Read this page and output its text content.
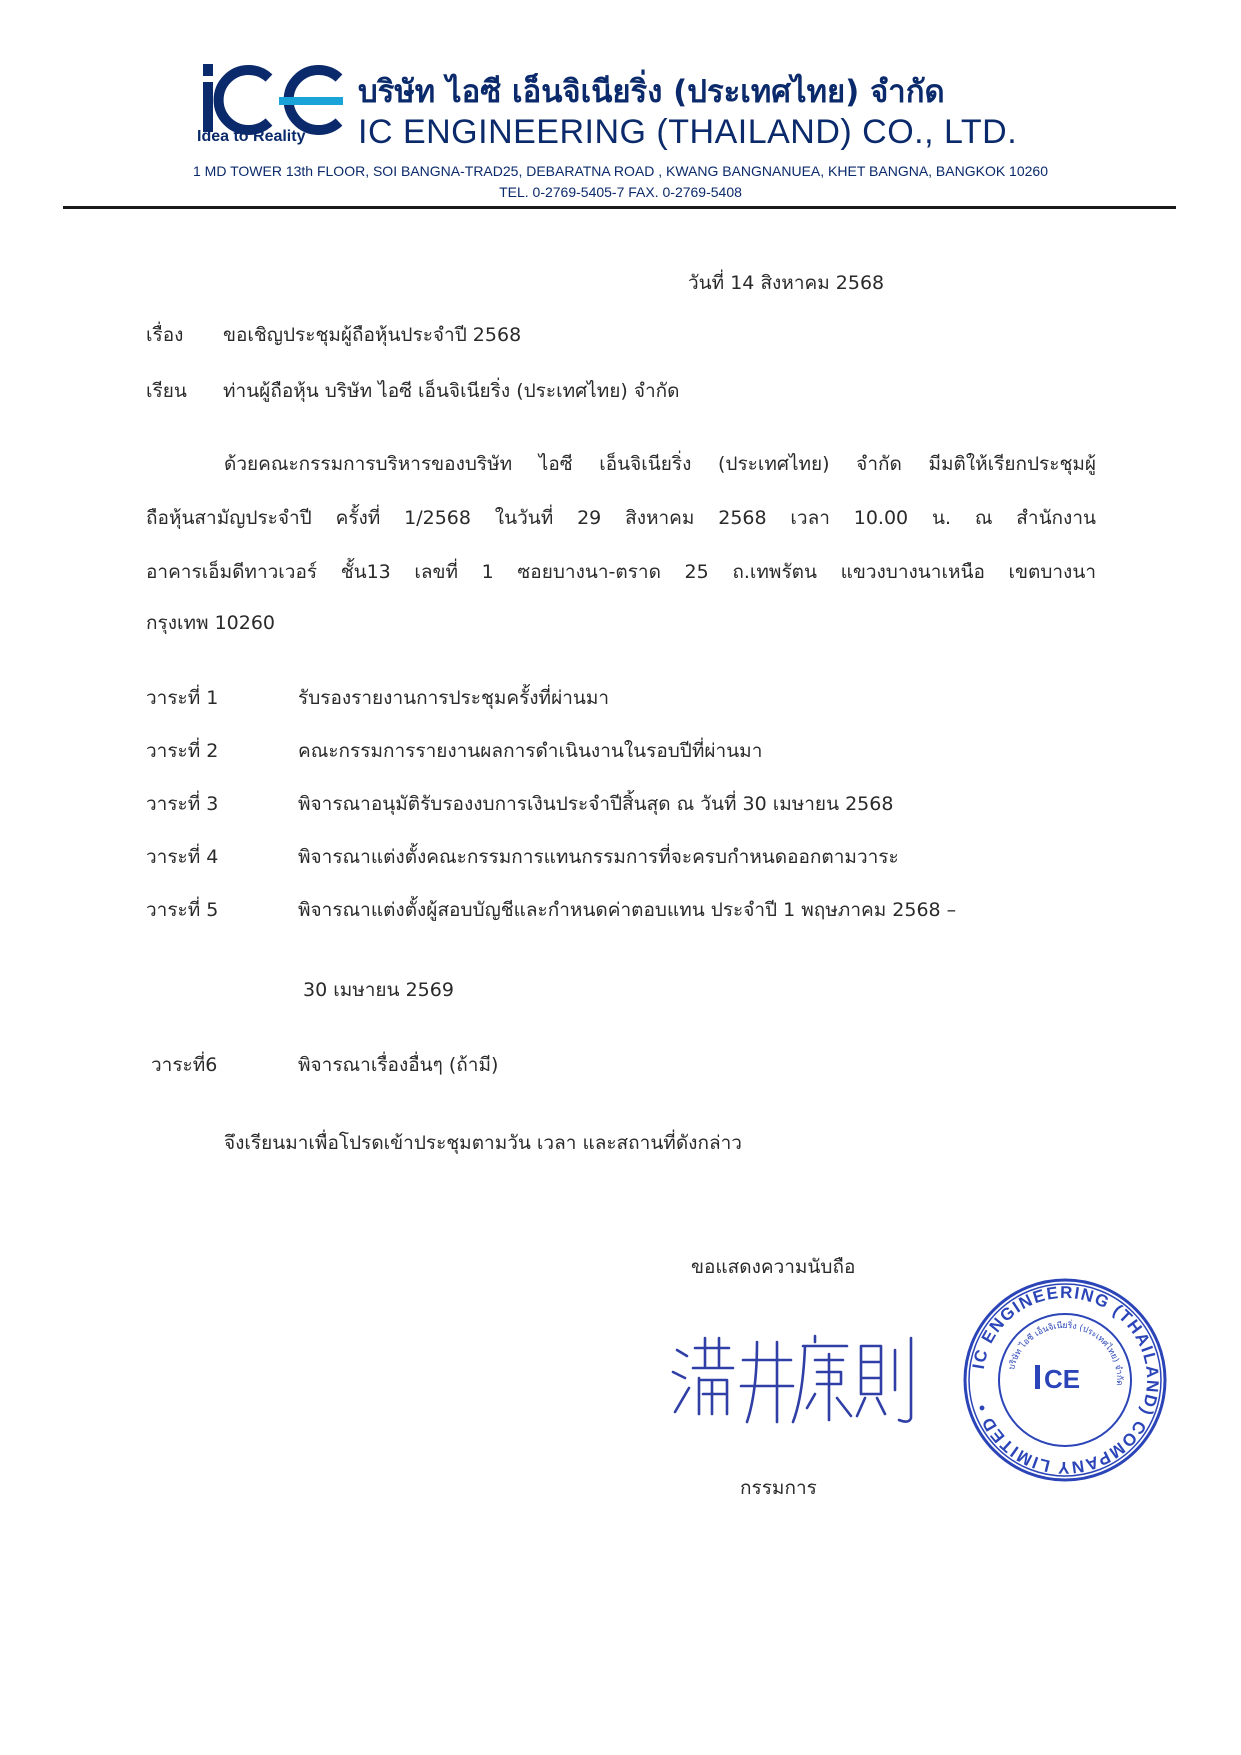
Idea to Reality
บริษัท ไอซี เอ็นจิเนียริ่ง (ประเทศไทย) จำกัด
IC ENGINEERING (THAILAND) CO., LTD.
1 MD TOWER 13th FLOOR, SOI BANGNA-TRAD25, DEBARATNA ROAD , KWANG BANGNANUEA, KHET BANGNA, BANGKOK 10260
TEL. 0-2769-5405-7 FAX. 0-2769-5408
วันที่ 14 สิงหาคม 2568
เรื่อง ขอเชิญประชุมผู้ถือหุ้นประจำปี 2568
เรียน ท่านผู้ถือหุ้น บริษัท ไอซี เอ็นจิเนียริ่ง (ประเทศไทย) จำกัด
ด้วยคณะกรรมการบริหารของบริษัท ไอซี เอ็นจิเนียริ่ง (ประเทศไทย) จำกัด มีมติให้เรียกประชุมผู้
ถือหุ้นสามัญประจำปี ครั้งที่ 1/2568 ในวันที่ 29 สิงหาคม 2568 เวลา 10.00 น. ณ สำนักงาน
อาคารเอ็มดีทาวเวอร์ ชั้น13 เลขที่ 1 ซอยบางนา-ตราด 25 ถ.เทพรัตน แขวงบางนาเหนือ เขตบางนา
กรุงเทพ 10260
วาระที่ 1	รับรองรายงานการประชุมครั้งที่ผ่านมา
วาระที่ 2	คณะกรรมการรายงานผลการดำเนินงานในรอบปีที่ผ่านมา
วาระที่ 3	พิจารณาอนุมัติรับรองงบการเงินประจำปีสิ้นสุด ณ วันที่ 30 เมษายน 2568
วาระที่ 4	พิจารณาแต่งตั้งคณะกรรมการแทนกรรมการที่จะครบกำหนดออกตามวาระ
วาระที่ 5	พิจารณาแต่งตั้งผู้สอบบัญชีและกำหนดค่าตอบแทน ประจำปี 1 พฤษภาคม 2568 –
30 เมษายน 2569
วาระที่6	พิจารณาเรื่องอื่นๆ (ถ้ามี)
จึงเรียนมาเพื่อโปรดเข้าประชุมตามวัน เวลา และสถานที่ดังกล่าว
ขอแสดงความนับถือ
IC ENGINEERING (THAILAND) COMPANY LIMITED •
บริษัท ไอซี เอ็นจิเนียริ่ง (ประเทศไทย) จำกัด
CE
กรรมการ
